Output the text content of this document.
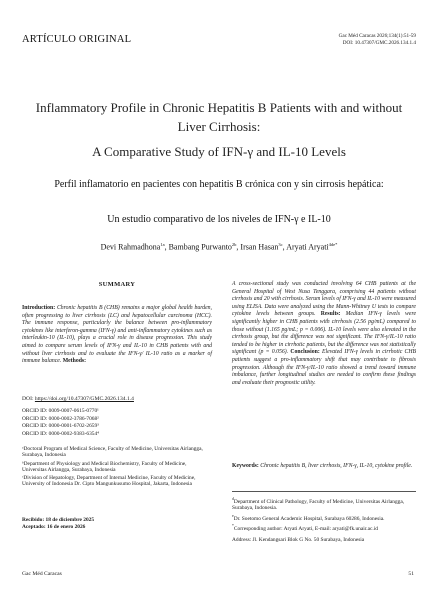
ARTÍCULO ORIGINAL	Gac Méd Caracas 2026;134(1):51-59
DOI: 10.47307/GMC.2026.134.1.4
Inflammatory Profile in Chronic Hepatitis B Patients with and without Liver Cirrhosis:
A Comparative Study of IFN-γ and IL-10 Levels
Perfil inflamatorio en pacientes con hepatitis B crónica con y sin cirrosis hepática:
Un estudio comparativo de los niveles de IFN-γ e IL-10
Devi Rahmadhona$^{1a}$, Bambang Purwanto$^{2b}$, Irsan Hasan$^{3c}$, Aryati Aryati$^{4de*}$
SUMMARY
Introduction: Chronic hepatitis B (CHB) remains a major global health burden, often progressing to liver cirrhosis (LC) and hepatocellular carcinoma (HCC). The immune response, particularly the balance between pro-inflammatory cytokines like interferon-gamma (IFN-γ) and anti-inflammatory cytokines such as interleukin-10 (IL-10), plays a crucial role in disease progression. This study aimed to compare serum levels of IFN-γ and IL-10 in CHB patients with and without liver cirrhosis and to evaluate the IFN-γ/ IL-10 ratio as a marker of immune balance. Methods:
DOI: https://doi.org/10.47307/GMC.2026.134.1.4
ORCID ID: 0009-0007-0615-0770¹
ORCID ID: 0000-0002-3786-7068²
ORCID ID: 0000-0001-6702-2659³
ORCID ID: 0000-0002-9383-6354⁴
ᵃDoctoral Program of Medical Science, Faculty of Medicine, Universitas Airlangga, Surabaya, Indonesia
ᵇDepartment of Physiology and Medical Biochemistry, Faculty of Medicine, Universitas Airlangga, Surabaya, Indonesia
ᶜDivision of Hepatology, Department of Internal Medicine, Faculty of Medicine, University of Indonesia Dr. Cipto Mangunkusumo Hospital, Jakarta, Indonesia
Recibido: 18 de diciembre 2025
Aceptado: 16 de enero 2026
A cross-sectional study was conducted involving 64 CHB patients at the General Hospital of West Nusa Tenggara, comprising 44 patients without cirrhosis and 20 with cirrhosis. Serum levels of IFN-γ and IL-10 were measured using ELISA. Data were analyzed using the Mann-Whitney U tests to compare cytokine levels between groups. Results: Median IFN-γ levels were significantly higher in CHB patients with cirrhosis (2.56 pg/mL) compared to those without (1.165 pg/mL; p = 0.006). IL-10 levels were also elevated in the cirrhosis group, but the difference was not significant. The IFN-γ/IL-10 ratio tended to be higher in cirrhotic patients, but the difference was not statistically significant (p = 0.056). Conclusion: Elevated IFN-γ levels in cirrhotic CHB patients suggest a pro-inflammatory shift that may contribute to fibrosis progression. Although the IFN-γ/IL-10 ratio showed a trend toward immune imbalance, further longitudinal studies are needed to confirm these findings and evaluate their prognostic utility.
Keywords: Chronic hepatitis B, liver cirrhosis, IFN-γ, IL-10, cytokine profile.
$^d$Department of Clinical Pathology, Faculty of Medicine, Universitas Airlangga, Surabaya, Indonesia.
$^e$Dr. Soetomo General Academic Hospital, Surabaya 60286, Indonesia.
*Corresponding author: Aryati Aryati, E-mail: aryati@fk.unair.ac.id
Address: Jl. Kendangsari Blok G No. 50 Surabaya, Indonesia
Gac Méd Caracas	51
